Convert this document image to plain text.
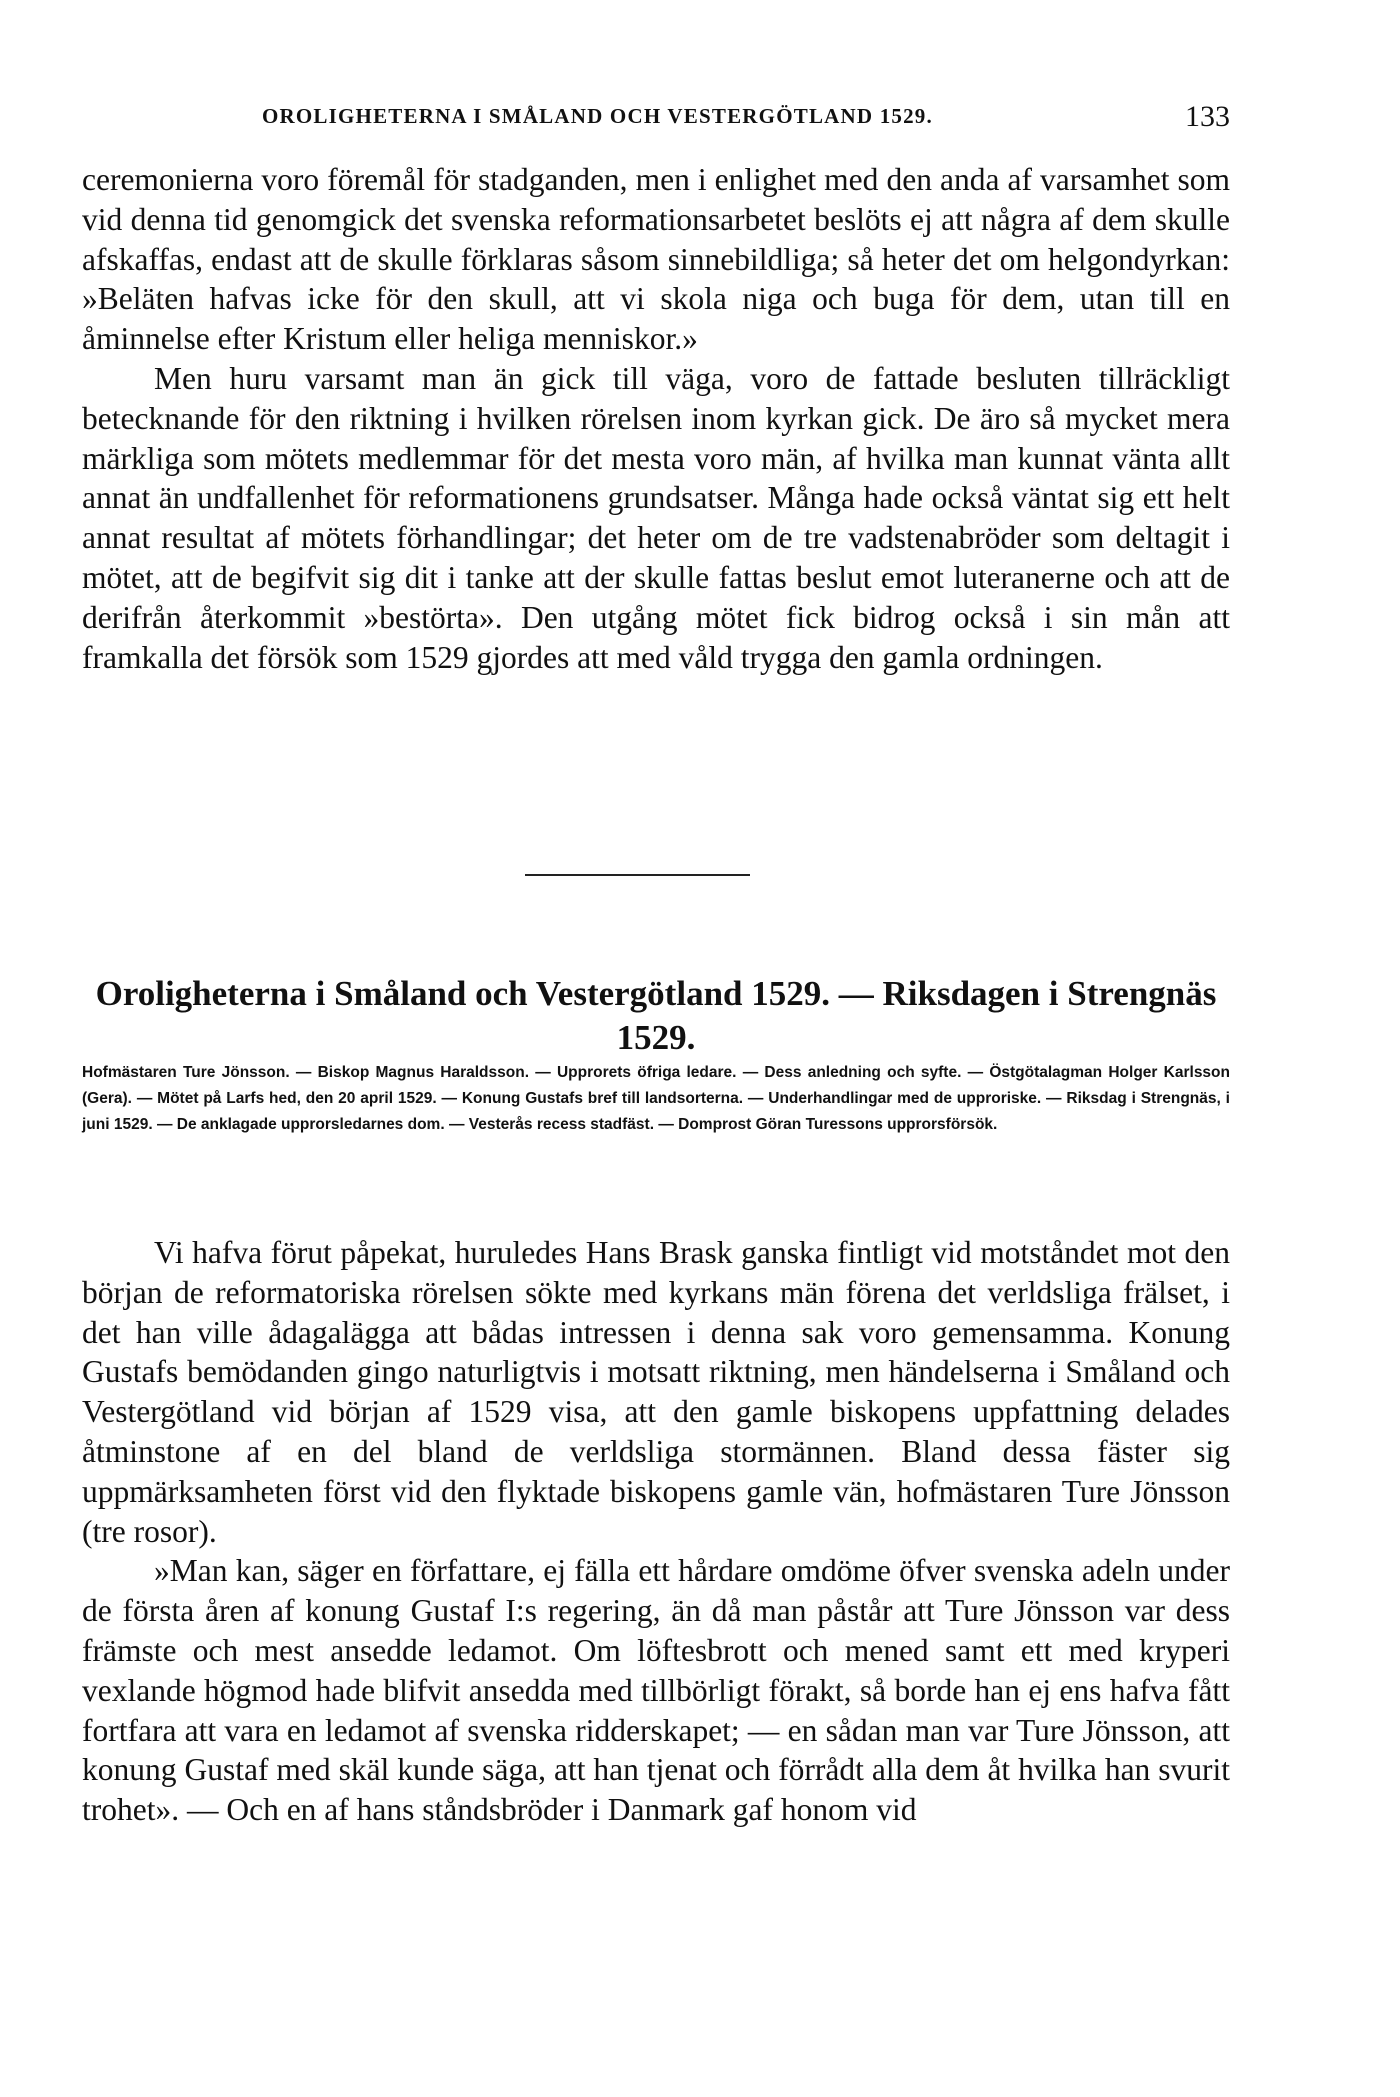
OROLIGHETERNA I SMÅLAND OCH VESTERGÖTLAND 1529.	133

ceremonierna voro föremål för stadganden, men i enlighet med den anda af varsamhet som vid denna tid genomgick det svenska reformationsarbetet beslöts ej att några af dem skulle afskaffas, endast att de skulle förklaras såsom sinnebildliga; så heter det om helgondyrkan: »Beläten hafvas icke för den skull, att vi skola niga och buga för dem, utan till en åminnelse efter Kristum eller heliga menniskor.»

Men huru varsamt man än gick till väga, voro de fattade besluten tillräckligt betecknande för den riktning i hvilken rörelsen inom kyrkan gick. De äro så mycket mera märkliga som mötets medlemmar för det mesta voro män, af hvilka man kunnat vänta allt annat än undfallenhet för reformationens grundsatser. Många hade också väntat sig ett helt annat resultat af mötets förhandlingar; det heter om de tre vadstenabröder som deltagit i mötet, att de begifvit sig dit i tanke att der skulle fattas beslut emot luteranerne och att de derifrån återkommit »bestörta». Den utgång mötet fick bidrog också i sin mån att framkalla det försök som 1529 gjordes att med våld trygga den gamla ordningen.

Oroligheterna i Småland och Vestergötland 1529. — Riksdagen i Strengnäs 1529.
Hofmästaren Ture Jönsson. — Biskop Magnus Haraldsson. — Upprorets öfriga ledare. — Dess anledning och syfte. — Östgötalagman Holger Karlsson (Gera). — Mötet på Larfs hed, den 20 april 1529. — Konung Gustafs bref till landsorterna. — Underhandlingar med de upproriske. — Riksdag i Strengnäs, i juni 1529. — De anklagade upprorsledarnes dom. — Vesterås recess stadfäst. — Domprost Göran Turessons upprorsförsök.

Vi hafva förut påpekat, huruledes Hans Brask ganska fintligt vid motståndet mot den början de reformatoriska rörelsen sökte med kyrkans män förena det verldsliga frälset, i det han ville ådagalägga att bådas intressen i denna sak voro gemensamma. Konung Gustafs bemödanden gingo naturligtvis i motsatt riktning, men händelserna i Småland och Vestergötland vid början af 1529 visa, att den gamle biskopens uppfattning delades åtminstone af en del bland de verldsliga stormännen. Bland dessa fäster sig uppmärksamheten först vid den flyktade biskopens gamle vän, hofmästaren Ture Jönsson (tre rosor).

»Man kan, säger en författare, ej fälla ett hårdare omdöme öfver svenska adeln under de första åren af konung Gustaf I:s regering, än då man påstår att Ture Jönsson var dess främste och mest ansedde ledamot. Om löftesbrott och mened samt ett med kryperi vexlande högmod hade blifvit ansedda med tillbörligt förakt, så borde han ej ens hafva fått fortfara att vara en ledamot af svenska ridderskapet; — en sådan man var Ture Jönsson, att konung Gustaf med skäl kunde säga, att han tjenat och förrådt alla dem åt hvilka han svurit trohet». — Och en af hans ståndsbröder i Danmark gaf honom vid
